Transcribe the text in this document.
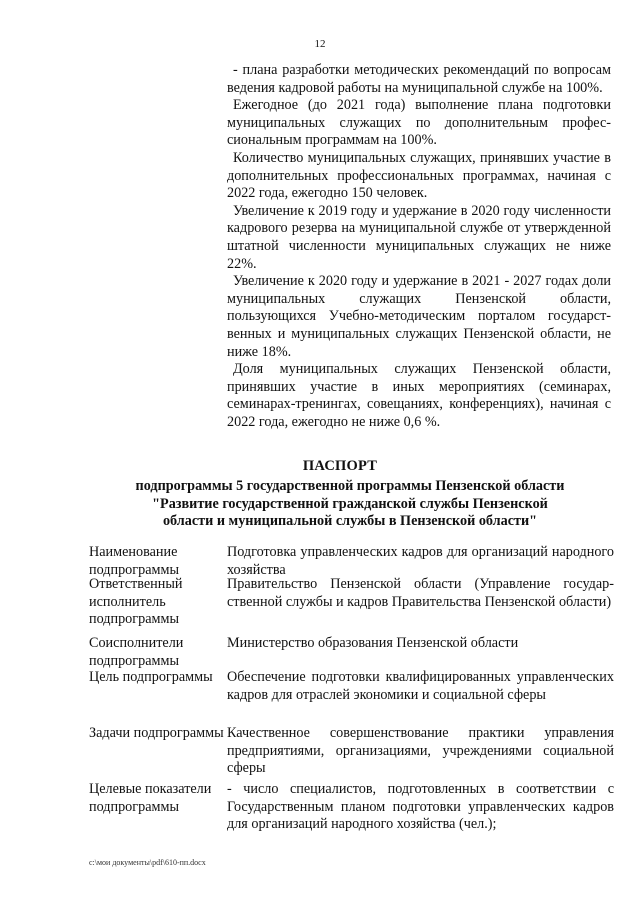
12

- плана разработки методических рекомендаций по вопросам ведения кадровой работы на муниципальной службе на 100%.

Ежегодное (до 2021 года) выполнение плана подготовки муниципальных служащих по дополнительным профессиональным программам на 100%.

Количество муниципальных служащих, принявших участие в дополнительных профессиональных программах, начиная с 2022 года, ежегодно 150 человек.

Увеличение к 2019 году и удержание в 2020 году численности кадрового резерва на муниципальной службе от утвержденной штатной численности муниципальных служащих не ниже 22%.

Увеличение к 2020 году и удержание в 2021 - 2027 годах доли муниципальных служащих Пензенской области, пользующихся Учебно-методическим порталом государственных и муниципальных служащих Пензенской области, не ниже 18%.

Доля муниципальных служащих Пензенской области, принявших участие в иных мероприятиях (семинарах, семинарах-тренингах, совещаниях, конференциях), начиная с 2022 года, ежегодно не ниже 0,6 %.

ПАСПОРТ
подпрограммы 5 государственной программы Пензенской области
"Развитие государственной гражданской службы Пензенской
области и муниципальной службы в Пензенской области"
Наименование подпрограммы
Подготовка управленческих кадров для организаций народного хозяйства
Ответственный исполнитель подпрограммы
Правительство Пензенской области (Управление государственной службы и кадров Правительства Пензенской области)
Соисполнители подпрограммы
Министерство образования Пензенской области
Цель подпрограммы	Обеспечение подготовки квалифицированных управленческих кадров для отраслей экономики и социальной сферы
Задачи подпрограммы Качественное совершенствование практики управления предприятиями, организациями, учреждениями социальной сферы
Целевые показатели подпрограммы
- число специалистов, подготовленных в соответствии с Государственным планом подготовки управленческих кадров для организаций народного хозяйства (чел.);
c:\мои документы\pdf\610-пп.docx
